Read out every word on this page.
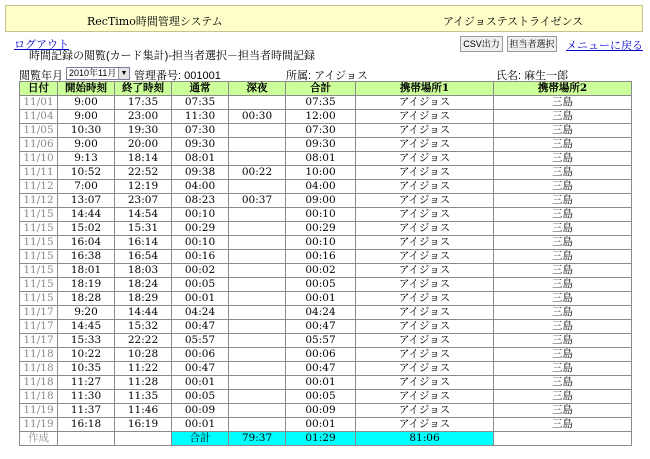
RecTimo時間管理システム	アイジョステストライゼンス
ログアウト
時間記録の閲覧(カード集計)-担当者選択－担当者時間記録
CSV出力	担当者選択 メニューに戻る
閲覧年月 2010年11月 ▼ 管理番号: 001001	所属: アイジョス	氏名: 麻生一郎
日付	開始時刻	終了時刻	通常	深夜	合計	携帯場所1	携帯場所2
11/01	9:00	17:35	07:35		07:35	アイジョス	三島
11/04	9:00	23:00	11:30	00:30	12:00	アイジョス	三島
11/05	10:30	19:30	07:30		07:30	アイジョス	三島
11/06	9:00	20:00	09:30		09:30	アイジョス	三島
11/10	9:13	18:14	08:01		08:01	アイジョス	三島
11/11	10:52	22:52	09:38	00:22	10:00	アイジョス	三島
11/12	7:00	12:19	04:00		04:00	アイジョス	三島
11/12	13:07	23:07	08:23	00:37	09:00	アイジョス	三島
11/15	14:44	14:54	00:10		00:10	アイジョス	三島
11/15	15:02	15:31	00:29		00:29	アイジョス	三島
11/15	16:04	16:14	00:10		00:10	アイジョス	三島
11/15	16:38	16:54	00:16		00:16	アイジョス	三島
11/15	18:01	18:03	00:02		00:02	アイジョス	三島
11/15	18:19	18:24	00:05		00:05	アイジョス	三島
11/15	18:28	18:29	00:01		00:01	アイジョス	三島
11/17	9:20	14:44	04:24		04:24	アイジョス	三島
11/17	14:45	15:32	00:47		00:47	アイジョス	三島
11/17	15:33	22:22	05:57		05:57	アイジョス	三島
11/18	10:22	10:28	00:06		00:06	アイジョス	三島
11/18	10:35	11:22	00:47		00:47	アイジョス	三島
11/18	11:27	11:28	00:01		00:01	アイジョス	三島
11/18	11:30	11:35	00:05		00:05	アイジョス	三島
11/19	11:37	11:46	00:09		00:09	アイジョス	三島
11/19	16:18	16:19	00:01		00:01	アイジョス	三島
作成			合計	79:37	01:29	81:06	
